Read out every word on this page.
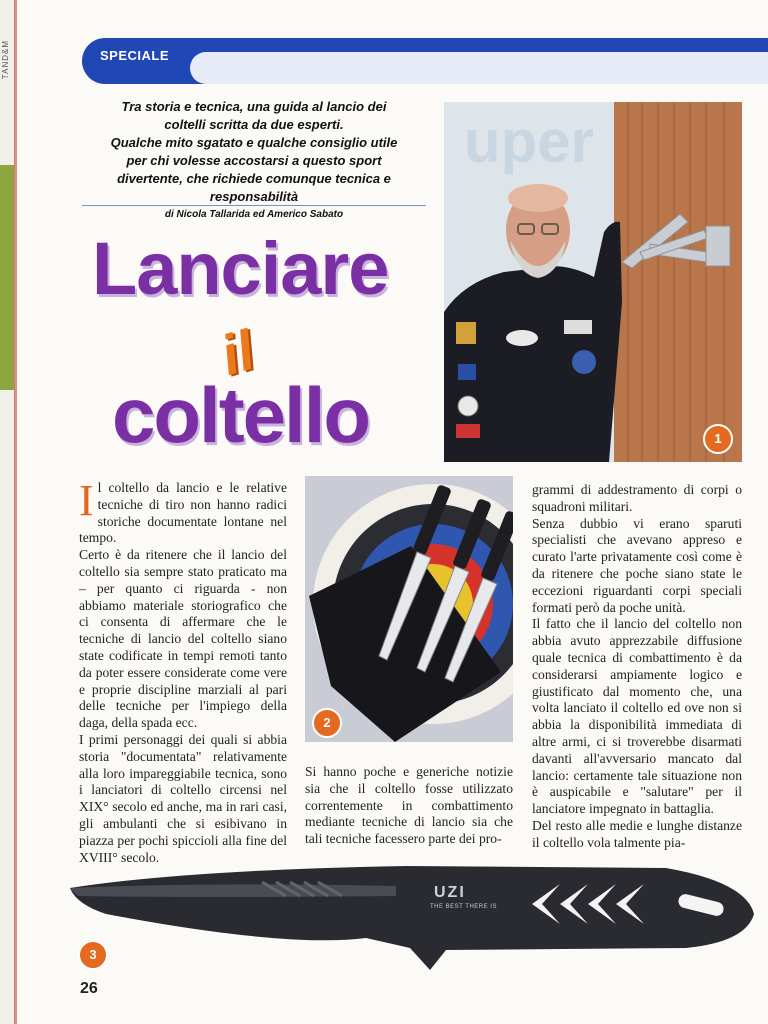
TAND&M	SPECIALE
Tra storia e tecnica, una guida al lancio dei
coltelli scritta da due esperti.
Qualche mito sgatato e qualche consiglio utile
per chi volesse accostarsi a questo sport
divertente, che richiede comunque tecnica e
responsabilità
di Nicola Tallarida ed Americo Sabato
Lanciare
il
coltello
uper
1
2
UZI
THE BEST THERE IS
3

Il coltello da lancio e le relative tecniche di tiro non hanno radici storiche documentate lontane nel tempo.

Certo è da ritenere che il lancio del coltello sia sempre stato praticato ma – per quanto ci riguarda - non abbiamo materiale storiografico che ci consenta di affermare che le tecniche di lancio del coltello siano state codificate in tempi remoti tanto da poter essere considerate come vere e proprie discipline marziali al pari delle tecniche per l'impiego della daga, della spada ecc.

I primi personaggi dei quali si abbia storia "documentata" relativamente alla loro impareggiabile tecnica, sono i lanciatori di coltello circensi nel XIX° secolo ed anche, ma in rari casi, gli ambulanti che si esibivano in piazza per pochi spiccioli alla fine del XVIII° secolo.

Si hanno poche e generiche notizie sia che il coltello fosse utilizzato correntemente in combattimento mediante tecniche di lancio sia che tali tecniche facessero parte dei pro-

grammi di addestramento di corpi o squadroni militari.

Senza dubbio vi erano sparuti specialisti che avevano appreso e curato l'arte privatamente così come è da ritenere che poche siano state le eccezioni riguardanti corpi speciali formati però da poche unità.

Il fatto che il lancio del coltello non abbia avuto apprezzabile diffusione quale tecnica di combattimento è da considerarsi ampiamente logico e giustificato dal momento che, una volta lanciato il coltello ed ove non si abbia la disponibilità immediata di altre armi, ci si troverebbe disarmati davanti all'avversario mancato dal lancio: certamente tale situazione non è auspicabile e "salutare" per il lanciatore impegnato in battaglia.

Del resto alle medie e lunghe distanze il coltello vola talmente pia-

26
